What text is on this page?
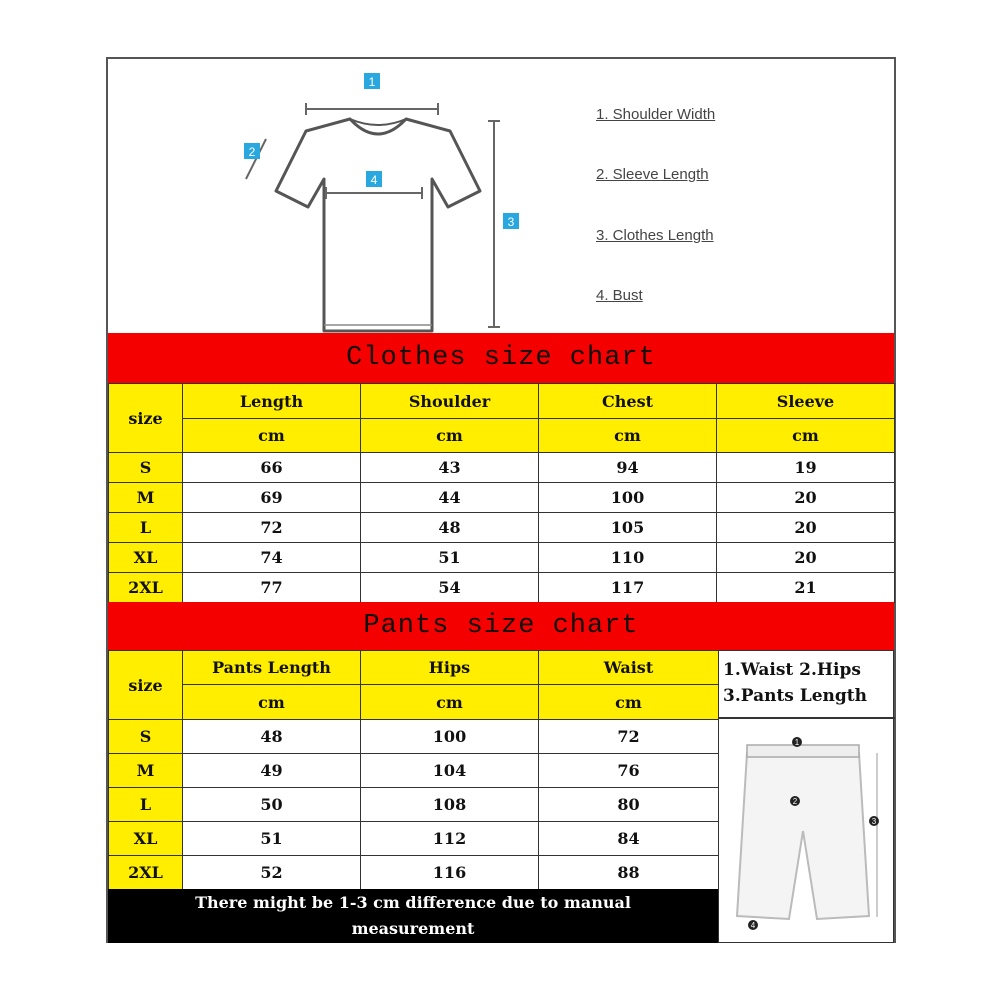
1
2
3
4
1. Shoulder Width
2. Sleeve Length
3. Clothes Length
4. Bust
Clothes size chart
size	Length	Shoulder	Chest	Sleeve
	cm	cm	cm	cm
S	66	43	94	19
M	69	44	100	20
L	72	48	105	20
XL	74	51	110	20
2XL	77	54	117	21
Pants size chart
size	Pants Length	Hips	Waist
	cm	cm	cm
S	48	100	72
M	49	104	76
L	50	108	80
XL	51	112	84
2XL	52	116	88
There might be 1-3 cm difference due to manual
measurement
1.Waist 2.Hips
3.Pants Length
1
2
3
4
